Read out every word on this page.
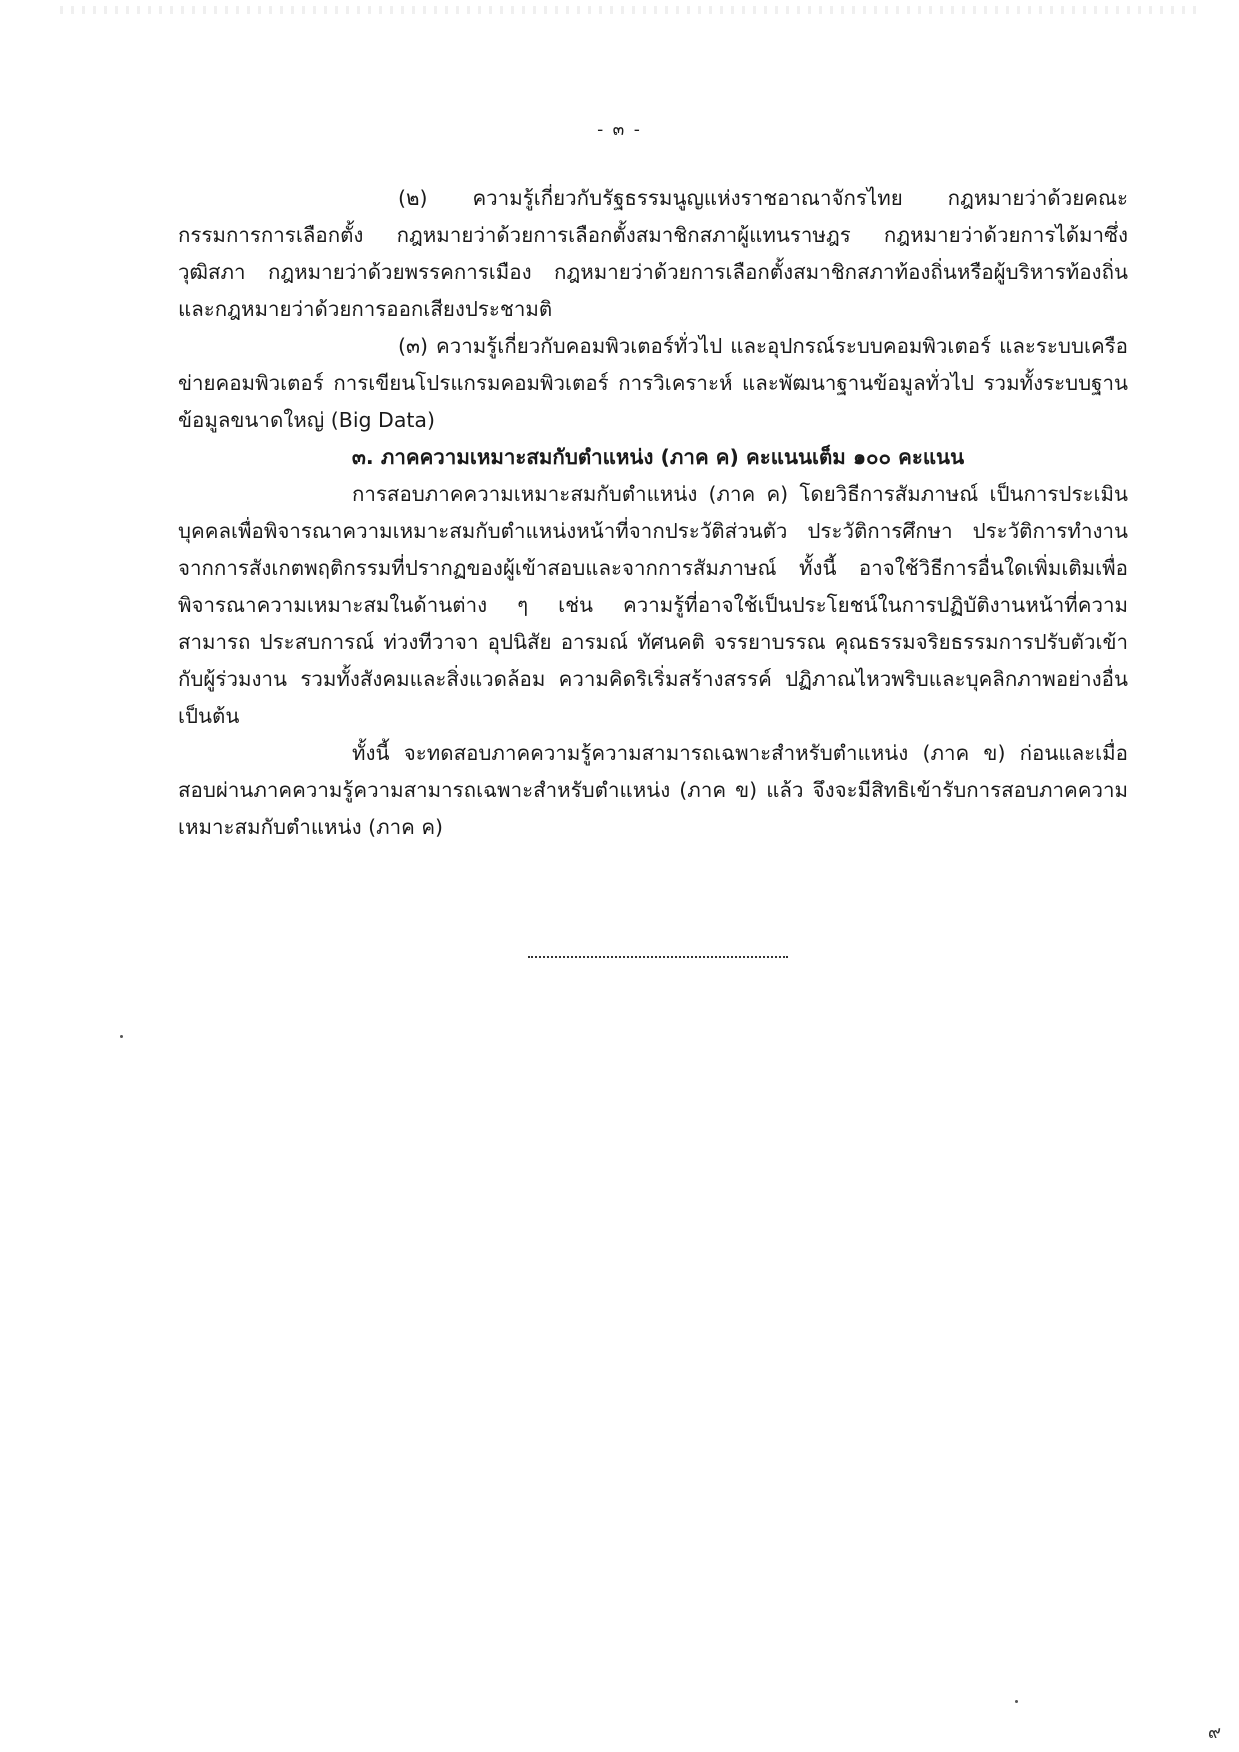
- ๓ -

(๒) ความรู้เกี่ยวกับรัฐธรรมนูญแห่งราชอาณาจักรไทย กฎหมายว่าด้วยคณะกรรมการการเลือกตั้ง กฎหมายว่าด้วยการเลือกตั้งสมาชิกสภาผู้แทนราษฎร กฎหมายว่าด้วยการได้มาซึ่งวุฒิสภา กฎหมายว่าด้วยพรรคการเมือง กฎหมายว่าด้วยการเลือกตั้งสมาชิกสภาท้องถิ่นหรือผู้บริหารท้องถิ่นและกฎหมายว่าด้วยการออกเสียงประชามติ

(๓) ความรู้เกี่ยวกับคอมพิวเตอร์ทั่วไป และอุปกรณ์ระบบคอมพิวเตอร์ และระบบเครือข่ายคอมพิวเตอร์ การเขียนโปรแกรมคอมพิวเตอร์ การวิเคราะห์ และพัฒนาฐานข้อมูลทั่วไป รวมทั้งระบบฐานข้อมูลขนาดใหญ่ (Big Data)

๓. ภาคความเหมาะสมกับตำแหน่ง (ภาค ค) คะแนนเต็ม ๑๐๐ คะแนน

การสอบภาคความเหมาะสมกับตำแหน่ง (ภาค ค) โดยวิธีการสัมภาษณ์ เป็นการประเมินบุคคลเพื่อพิจารณาความเหมาะสมกับตำแหน่งหน้าที่จากประวัติส่วนตัว ประวัติการศึกษา ประวัติการทำงานจากการสังเกตพฤติกรรมที่ปรากฏของผู้เข้าสอบและจากการสัมภาษณ์ ทั้งนี้ อาจใช้วิธีการอื่นใดเพิ่มเติมเพื่อพิจารณาความเหมาะสมในด้านต่าง ๆ เช่น ความรู้ที่อาจใช้เป็นประโยชน์ในการปฏิบัติงานหน้าที่ความสามารถ ประสบการณ์ ท่วงทีวาจา อุปนิสัย อารมณ์ ทัศนคติ จรรยาบรรณ คุณธรรมจริยธรรมการปรับตัวเข้ากับผู้ร่วมงาน รวมทั้งสังคมและสิ่งแวดล้อม ความคิดริเริ่มสร้างสรรค์ ปฏิภาณไหวพริบและบุคลิกภาพอย่างอื่น เป็นต้น

ทั้งนี้ จะทดสอบภาคความรู้ความสามารถเฉพาะสำหรับตำแหน่ง (ภาค ข) ก่อนและเมื่อสอบผ่านภาคความรู้ความสามารถเฉพาะสำหรับตำแหน่ง (ภาค ข) แล้ว จึงจะมีสิทธิเข้ารับการสอบภาคความเหมาะสมกับตำแหน่ง (ภาค ค)

๙
